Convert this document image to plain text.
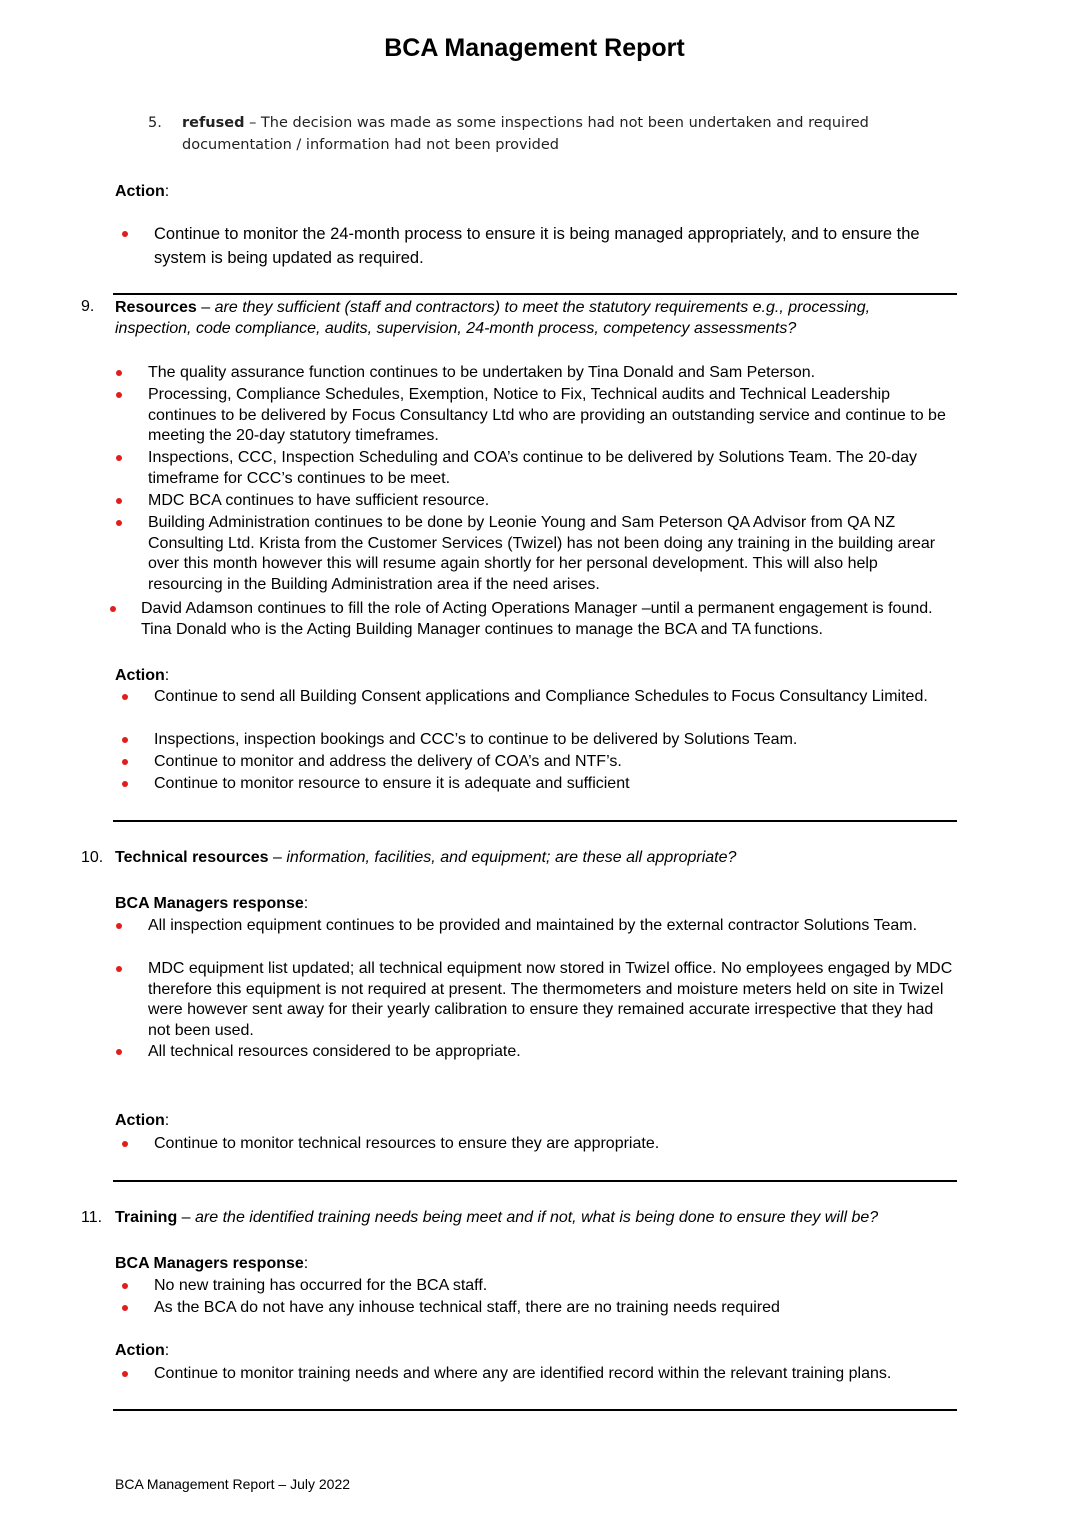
BCA Management Report
5. refused – The decision was made as some inspections had not been undertaken and required documentation / information had not been provided
Action:
Continue to monitor the 24-month process to ensure it is being managed appropriately, and to ensure the system is being updated as required.
9. Resources – are they sufficient (staff and contractors) to meet the statutory requirements e.g., processing, inspection, code compliance, audits, supervision, 24-month process, competency assessments?
The quality assurance function continues to be undertaken by Tina Donald and Sam Peterson.
Processing, Compliance Schedules, Exemption, Notice to Fix, Technical audits and Technical Leadership continues to be delivered by Focus Consultancy Ltd who are providing an outstanding service and continue to be meeting the 20-day statutory timeframes.
Inspections, CCC, Inspection Scheduling and COA’s continue to be delivered by Solutions Team. The 20-day timeframe for CCC’s continues to be meet.
MDC BCA continues to have sufficient resource.
Building Administration continues to be done by Leonie Young and Sam Peterson QA Advisor from QA NZ Consulting Ltd. Krista from the Customer Services (Twizel) has not been doing any training in the building arear over this month however this will resume again shortly for her personal development. This will also help resourcing in the Building Administration area if the need arises.
David Adamson continues to fill the role of Acting Operations Manager –until a permanent engagement is found. Tina Donald who is the Acting Building Manager continues to manage the BCA and TA functions.
Action:
Continue to send all Building Consent applications and Compliance Schedules to Focus Consultancy Limited.
Inspections, inspection bookings and CCC’s to continue to be delivered by Solutions Team.
Continue to monitor and address the delivery of COA’s and NTF’s.
Continue to monitor resource to ensure it is adequate and sufficient
10. Technical resources – information, facilities, and equipment; are these all appropriate?
BCA Managers response:
All inspection equipment continues to be provided and maintained by the external contractor Solutions Team.
MDC equipment list updated; all technical equipment now stored in Twizel office. No employees engaged by MDC therefore this equipment is not required at present. The thermometers and moisture meters held on site in Twizel were however sent away for their yearly calibration to ensure they remained accurate irrespective that they had not been used.
All technical resources considered to be appropriate.
Action:
Continue to monitor technical resources to ensure they are appropriate.
11. Training – are the identified training needs being meet and if not, what is being done to ensure they will be?
BCA Managers response:
No new training has occurred for the BCA staff.
As the BCA do not have any inhouse technical staff, there are no training needs required
Action:
Continue to monitor training needs and where any are identified record within the relevant training plans.
BCA Management Report – July 2022
